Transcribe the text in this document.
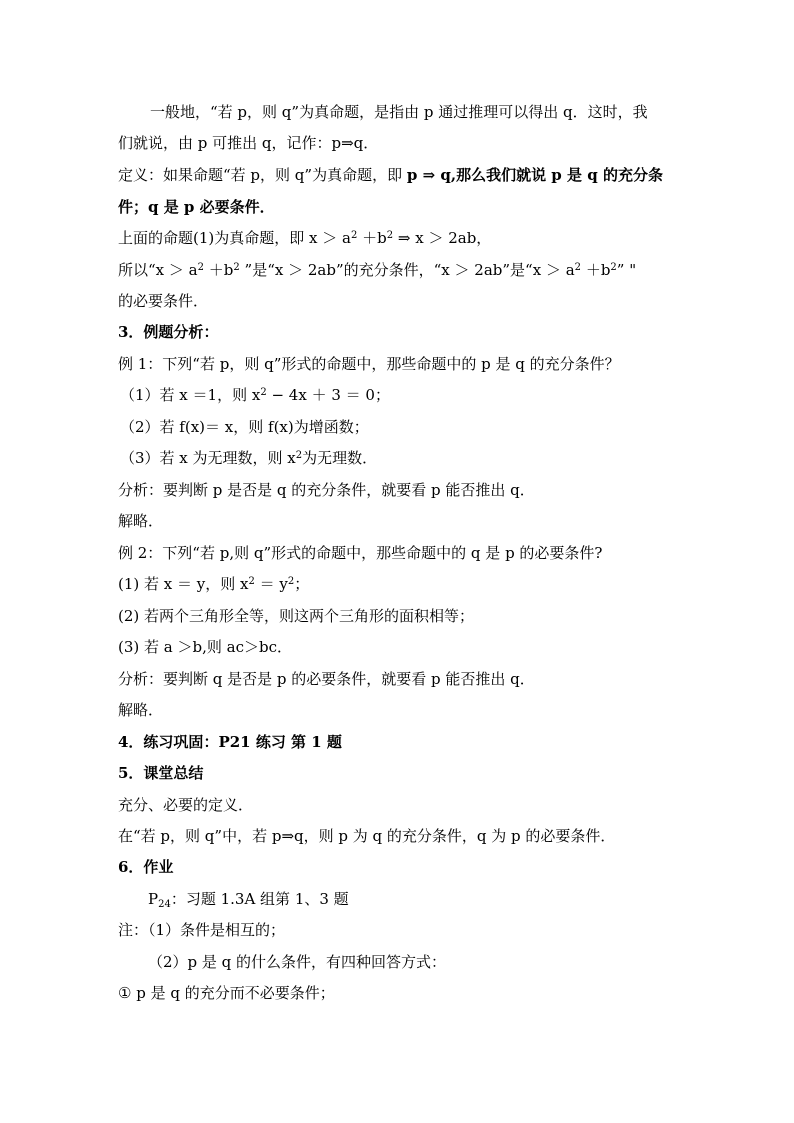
一般地，“若 p，则 q”为真命题，是指由 p 通过推理可以得出 q．这时，我
们就说，由 p 可推出 q，记作：p⇒q．
定义：如果命题“若 p，则 q”为真命题，即 p ⇒ q,那么我们就说 p 是 q 的充分条
件；q 是 p 必要条件．
上面的命题(1)为真命题，即 $x > a^2 +b^2$ ⇒ x ＞ 2ab，
所以“$x > a^2 +b^2$ ”是“x ＞ 2ab”的充分条件，“x ＞ 2ab”是“$x > a^2 +b^2$” "
的必要条件．
3．例题分析：
例 1：下列“若 p，则 q”形式的命题中，那些命题中的 p 是 q 的充分条件？
（1）若 x ＝1，则 $x^2 - 4x + 3 = 0$；
（2）若 f(x)＝ x，则 f(x)为增函数；
（3）若 x 为无理数，则 $x^2$为无理数．
分析：要判断 p 是否是 q 的充分条件，就要看 p 能否推出 q．
解略．
例 2：下列“若 p,则 q”形式的命题中，那些命题中的 q 是 p 的必要条件?
(1) 若 x ＝ y，则 $x^2 = y^2$；
(2) 若两个三角形全等，则这两个三角形的面积相等；
(3) 若 a ＞b,则 ac＞bc．
分析：要判断 q 是否是 p 的必要条件，就要看 p 能否推出 q．
解略．
4．练习巩固：P21 练习 第 1 题
5．课堂总结
充分、必要的定义．
在“若 p，则 q”中，若 p⇒q，则 p 为 q 的充分条件，q 为 p 的必要条件．
6．作业
$P_{24}$：习题 1.3A 组第 1、3 题
注：（1）条件是相互的；
（2）p 是 q 的什么条件，有四种回答方式：
① p 是 q 的充分而不必要条件；
